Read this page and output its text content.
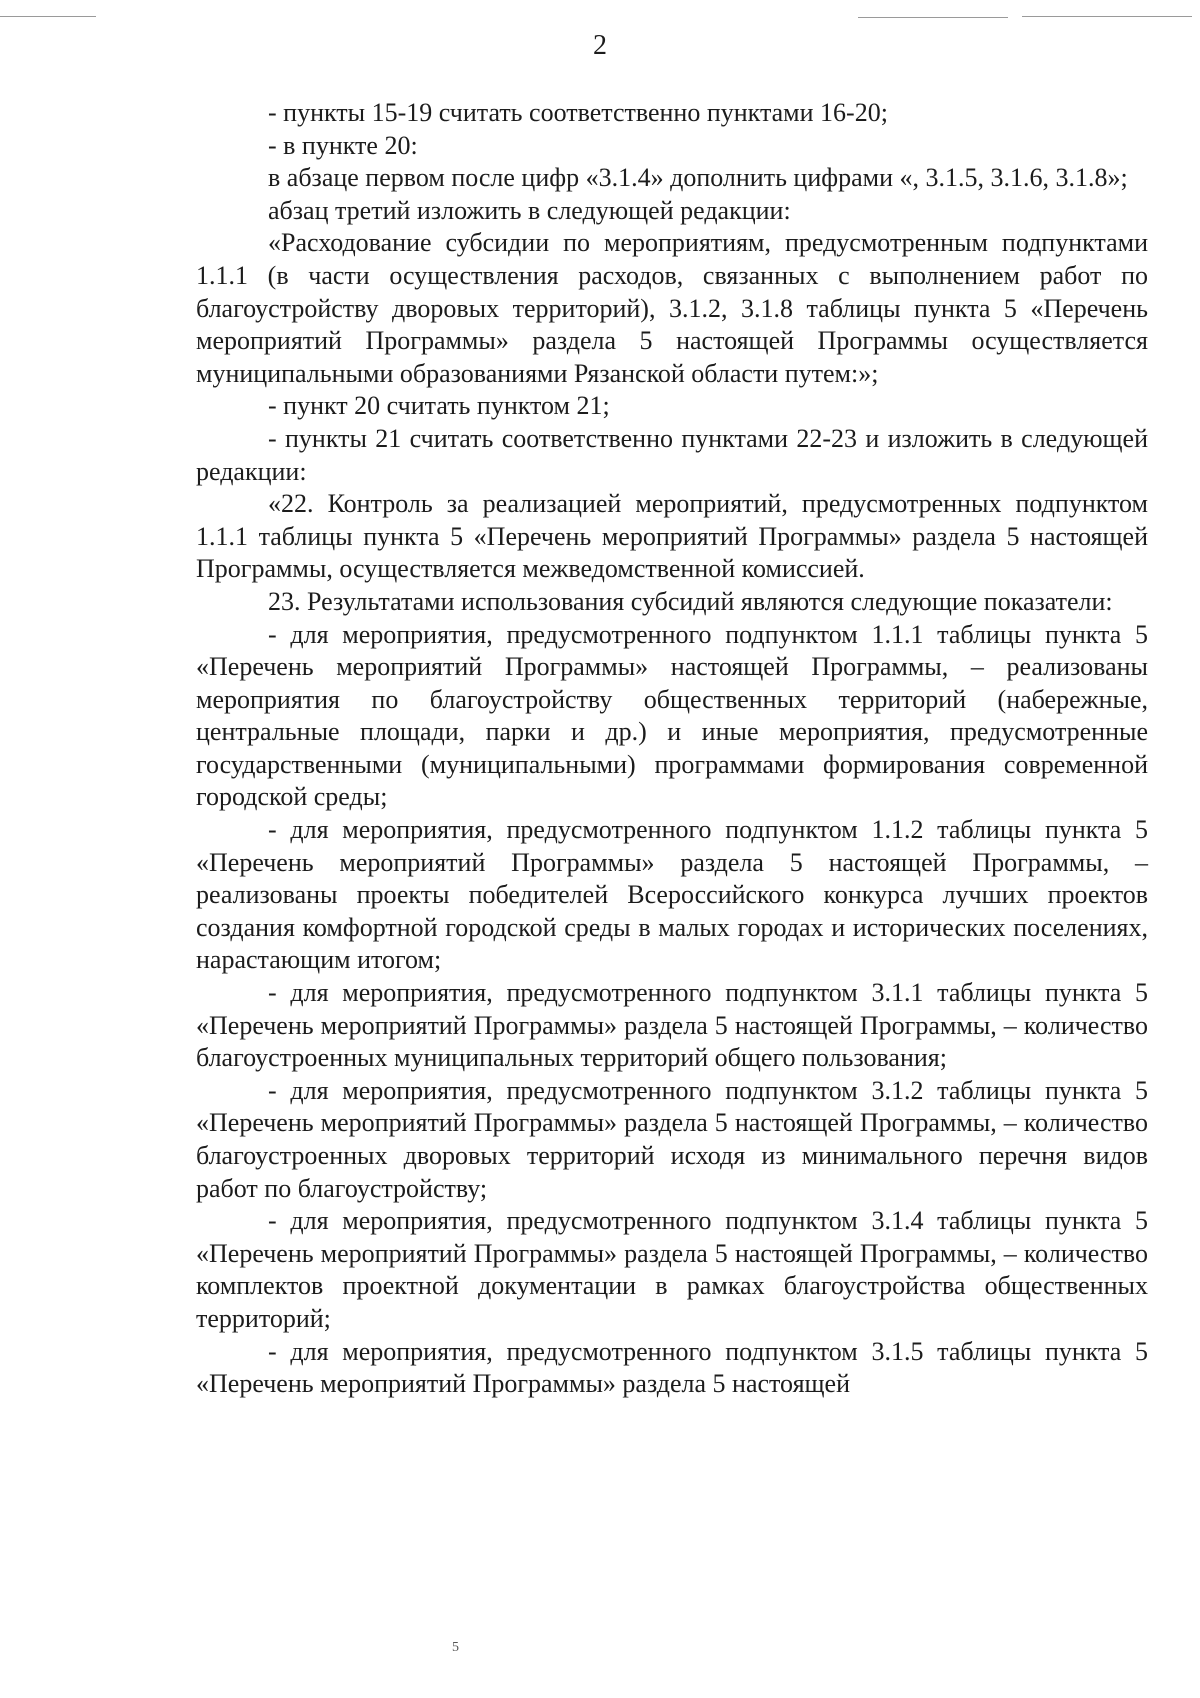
2

- пункты 15-19 считать соответственно пунктами 16-20;

- в пункте 20:

в абзаце первом после цифр «3.1.4» дополнить цифрами «, 3.1.5, 3.1.6, 3.1.8»;

абзац третий изложить в следующей редакции:

«Расходование субсидии по мероприятиям, предусмотренным подпунктами 1.1.1 (в части осуществления расходов, связанных с выполнением работ по благоустройству дворовых территорий), 3.1.2, 3.1.8 таблицы пункта 5 «Перечень мероприятий Программы» раздела 5 настоящей Программы осуществляется муниципальными образованиями Рязанской области путем:»;

- пункт 20 считать пунктом 21;

- пункты 21 считать соответственно пунктами 22-23 и изложить в следующей редакции:

«22. Контроль за реализацией мероприятий, предусмотренных подпунктом 1.1.1 таблицы пункта 5 «Перечень мероприятий Программы» раздела 5 настоящей Программы, осуществляется межведомственной комиссией.

23. Результатами использования субсидий являются следующие показатели:

- для мероприятия, предусмотренного подпунктом 1.1.1 таблицы пункта 5 «Перечень мероприятий Программы» настоящей Программы, – реализованы мероприятия по благоустройству общественных территорий (набережные, центральные площади, парки и др.) и иные мероприятия, предусмотренные государственными (муниципальными) программами формирования современной городской среды;

- для мероприятия, предусмотренного подпунктом 1.1.2 таблицы пункта 5 «Перечень мероприятий Программы» раздела 5 настоящей Программы, – реализованы проекты победителей Всероссийского конкурса лучших проектов создания комфортной городской среды в малых городах и исторических поселениях, нарастающим итогом;

- для мероприятия, предусмотренного подпунктом 3.1.1 таблицы пункта 5 «Перечень мероприятий Программы» раздела 5 настоящей Программы, – количество благоустроенных муниципальных территорий общего пользования;

- для мероприятия, предусмотренного подпунктом 3.1.2 таблицы пункта 5 «Перечень мероприятий Программы» раздела 5 настоящей Программы, – количество благоустроенных дворовых территорий исходя из минимального перечня видов работ по благоустройству;

- для мероприятия, предусмотренного подпунктом 3.1.4 таблицы пункта 5 «Перечень мероприятий Программы» раздела 5 настоящей Программы, – количество комплектов проектной документации в рамках благоустройства общественных территорий;

- для мероприятия, предусмотренного подпунктом 3.1.5 таблицы пункта 5 «Перечень мероприятий Программы» раздела 5 настоящей

5
